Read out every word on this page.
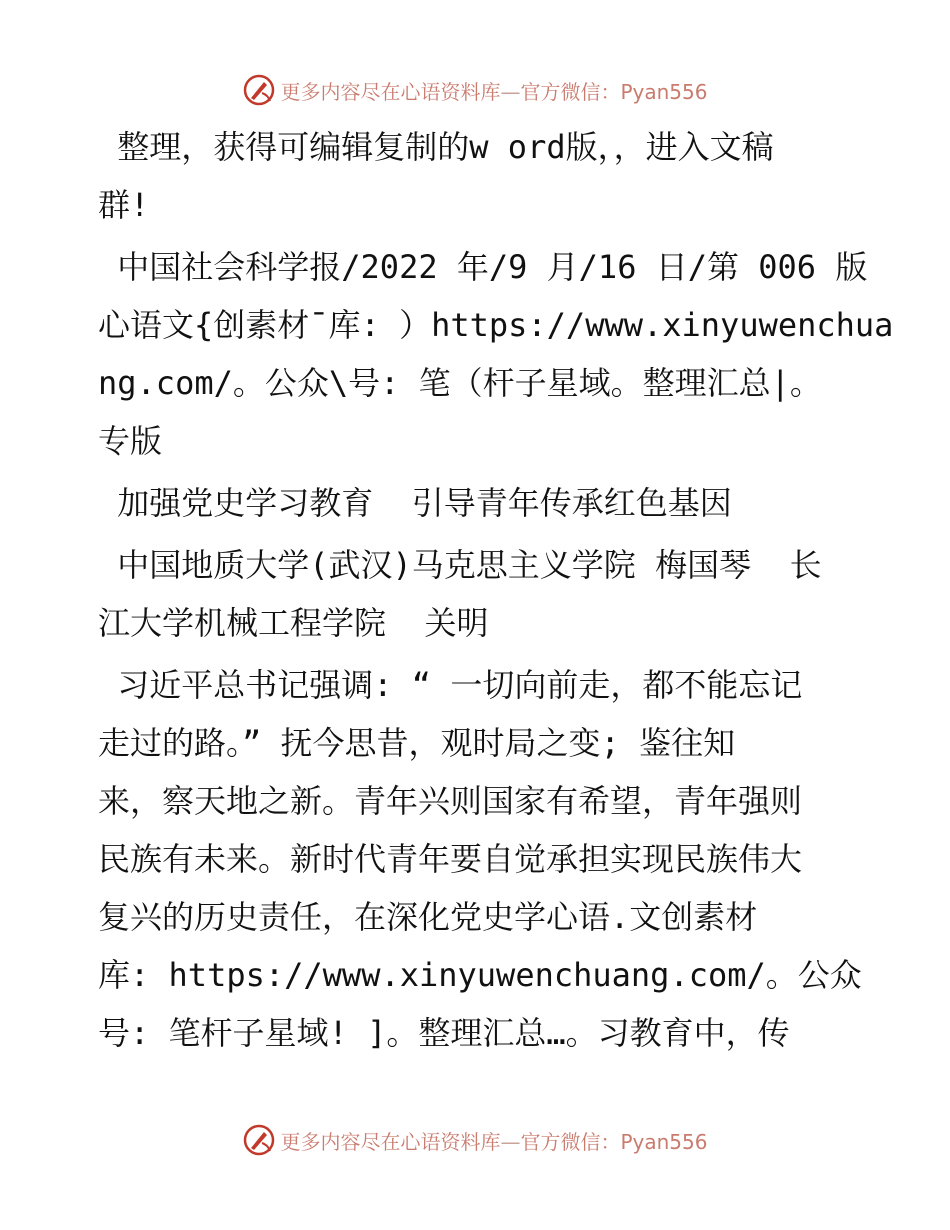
更多内容尽在心语资料库—官方微信：Pyan556
整理，获得可编辑复制的w ord版，，进入文稿
群!
中国社会科学报/2022 年/9 月/16 日/第 006 版
心语文{创素材¯库: ）https://www.xinyuwenchua
ng.com/。公众\号: 笔（杆子星域。整理汇总|。
专版
加强党史学习教育  引导青年传承红色基因
中国地质大学(武汉)马克思主义学院 梅国琴  长
江大学机械工程学院  关明
习近平总书记强调: “ 一切向前走，都不能忘记
走过的路。” 抚今思昔，观时局之变; 鉴往知
来，察天地之新。青年兴则国家有希望，青年强则
民族有未来。新时代青年要自觉承担实现民族伟大
复兴的历史责任，在深化党史学心语.文创素材
库: https://www.xinyuwenchuang.com/。公众
号: 笔杆子星域! ]。整理汇总…。习教育中，传
更多内容尽在心语资料库—官方微信：Pyan556
